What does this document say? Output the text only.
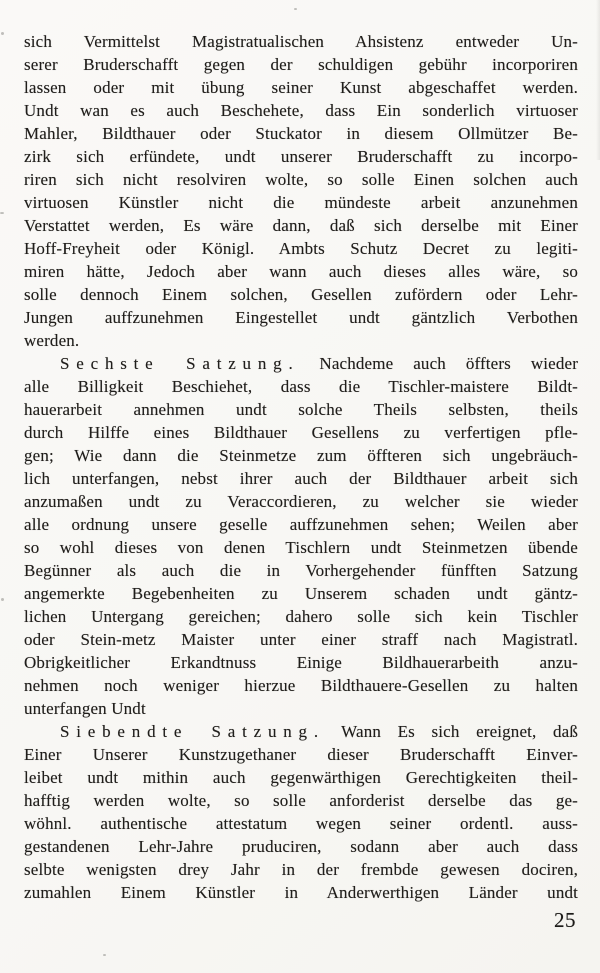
sich Vermittelst Magistratualischen Ahsistenz entweder Un-
serer Bruderschafft gegen der schuldigen gebühr incorporiren
lassen oder mit übung seiner Kunst abgeschaffet werden.
Undt wan es auch Beschehete, dass Ein sonderlich virtuoser
Mahler, Bildthauer oder Stuckator in diesem Ollmützer Be-
zirk sich erfündete, undt unserer Bruderschafft zu incorpo-
riren sich nicht resolviren wolte, so solle Einen solchen auch
virtuosen Künstler nicht die mündeste arbeit anzunehmen
Verstattet werden, Es wäre dann, daß sich derselbe mit Einer
Hoff-Freyheit oder Königl. Ambts Schutz Decret zu legiti-
miren hätte, Jedoch aber wann auch dieses alles wäre, so
solle dennoch Einem solchen, Gesellen zufördern oder Lehr-
Jungen auffzunehmen Eingestellet undt gäntzlich Verbothen
werden.
Sechste Satzung. Nachdeme auch öffters wieder
alle Billigkeit Beschiehet, dass die Tischler-maistere Bildt-
hauerarbeit annehmen undt solche Theils selbsten, theils
durch Hilffe eines Bildthauer Gesellens zu verfertigen pfle-
gen; Wie dann die Steinmetze zum öffteren sich ungebräuch-
lich unterfangen, nebst ihrer auch der Bildthauer arbeit sich
anzumaßen undt zu Veraccordieren, zu welcher sie wieder
alle ordnung unsere geselle auffzunehmen sehen; Weilen aber
so wohl dieses von denen Tischlern undt Steinmetzen übende
Begünner als auch die in Vorhergehender fünfften Satzung
angemerkte Begebenheiten zu Unserem schaden undt gäntz-
lichen Untergang gereichen; dahero solle sich kein Tischler
oder Stein-metz Maister unter einer straff nach Magistratl.
Obrigkeitlicher Erkandtnuss Einige Bildhauerarbeith anzu-
nehmen noch weniger hierzue Bildthauere-Gesellen zu halten
unterfangen Undt
Siebendte Satzung. Wann Es sich ereignet, daß
Einer Unserer Kunstzugethaner dieser Bruderschafft Einver-
leibet undt mithin auch gegenwärthigen Gerechtigkeiten theil-
hafftig werden wolte, so solle anforderist derselbe das ge-
wöhnl. authentische attestatum wegen seiner ordentl. auss-
gestandenen Lehr-Jahre pruduciren, sodann aber auch dass
selbte wenigsten drey Jahr in der frembde gewesen dociren,
zumahlen Einem Künstler in Anderwerthigen Länder undt
25
